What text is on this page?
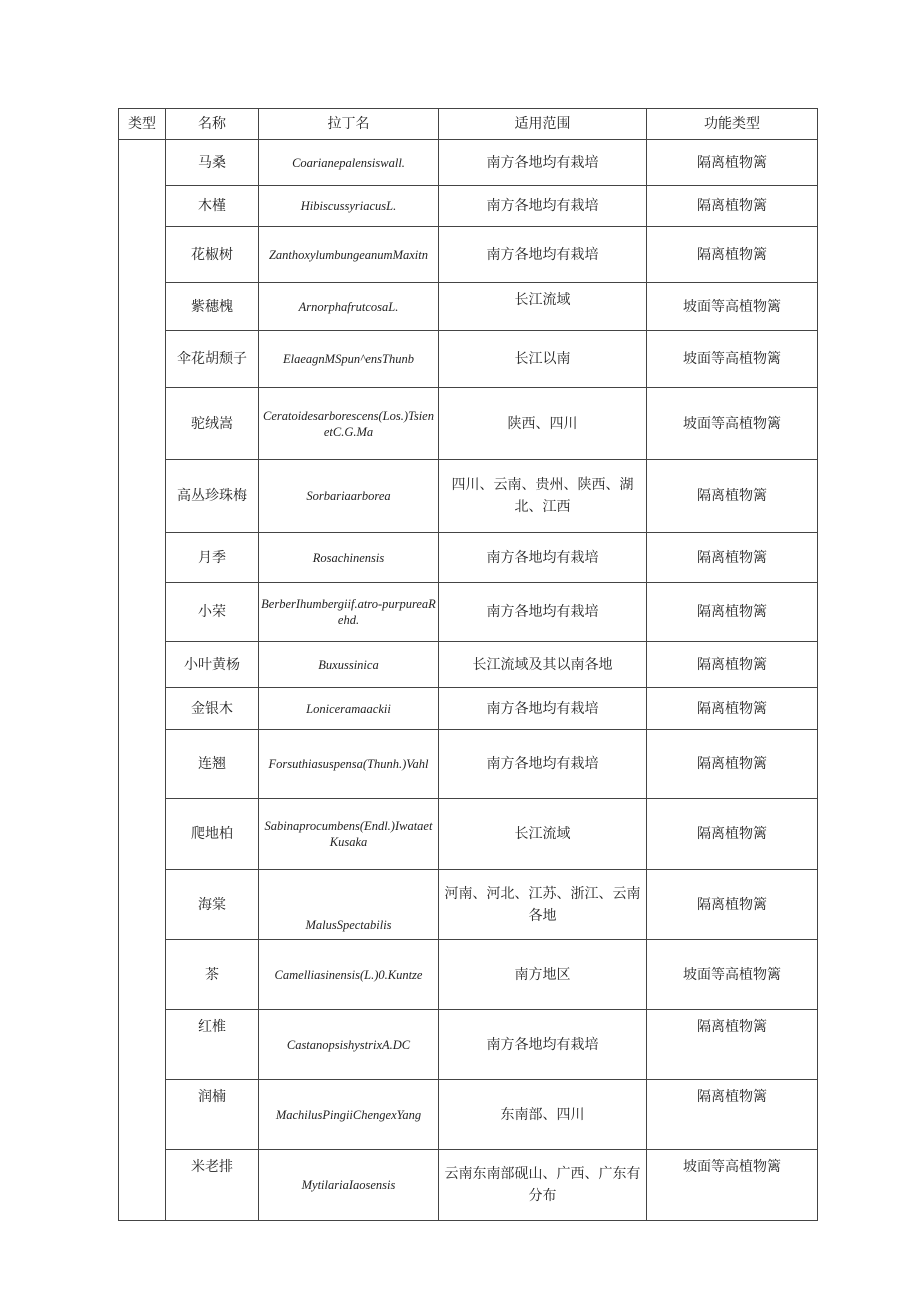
类型	名称	拉丁名	适用范围	功能类型
	马桑	Coarianepalensiswall.	南方各地均有栽培	隔离植物篱
	木槿	HibiscussyriacusL.	南方各地均有栽培	隔离植物篱
	花椒树	ZanthoxylumbungeanumMaxitn	南方各地均有栽培	隔离植物篱
	紫穗槐	ArnorphafrutcosaL.	长江流域	坡面等高植物篱
	伞花胡颓子	ElaeagnMSpun^ensThunb	长江以南	坡面等高植物篱
	驼绒嵩	Ceratoidesarborescens(Los.)TsienetC.G.Ma	陕西、四川	坡面等高植物篱
	高丛珍珠梅	Sorbariaarborea	四川、云南、贵州、陕西、湖北、江西	隔离植物篱
	月季	Rosachinensis	南方各地均有栽培	隔离植物篱
	小荣	BerberIhumbergiif.atro-purpureaRehd.	南方各地均有栽培	隔离植物篱
	小叶黄杨	Buxussinica	长江流域及其以南各地	隔离植物篱
	金银木	Loniceramaackii	南方各地均有栽培	隔离植物篱
	连翘	Forsuthiasuspensa(Thunh.)Vahl	南方各地均有栽培	隔离植物篱
	爬地柏	Sabinaprocumbens(Endl.)IwataetKusaka	长江流域	隔离植物篱
	海棠	MalusSpectabilis	河南、河北、江苏、浙江、云南各地	隔离植物篱
	茶	Camelliasinensis(L.)0.Kuntze	南方地区	坡面等高植物篱
	红椎	CastanopsishystrixA.DC	南方各地均有栽培	隔离植物篱
	润楠	MachilusPingiiChengexYang	东南部、四川	隔离植物篱
	米老排	MytilariaIaosensis	云南东南部砚山、广西、广东有分布	坡面等高植物篱
